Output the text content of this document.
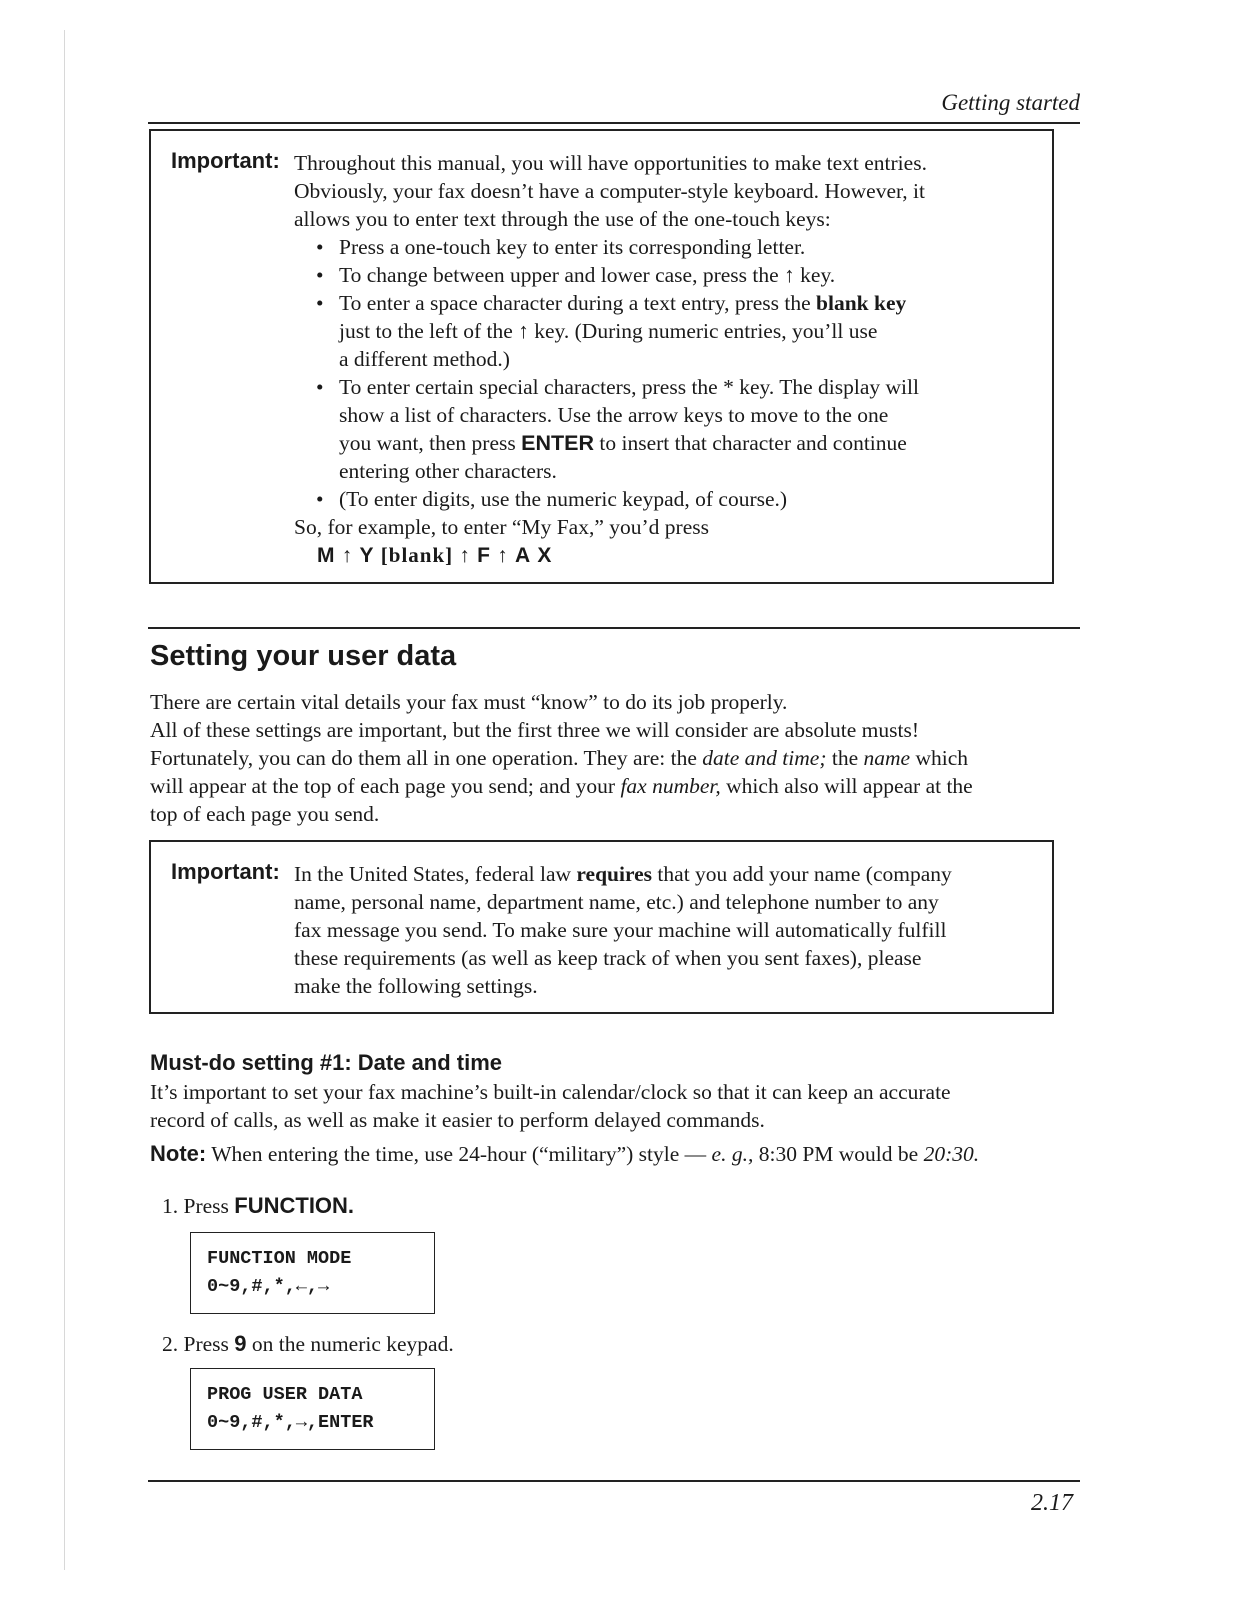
Getting started
Important: Throughout this manual, you will have opportunities to make text entries.
Obviously, your fax doesn’t have a computer-style keyboard. However, it
allows you to enter text through the use of the one-touch keys:
• Press a one-touch key to enter its corresponding letter.
• To change between upper and lower case, press the ↑ key.
• To enter a space character during a text entry, press the blank key
just to the left of the ↑ key. (During numeric entries, you’ll use
a different method.)
• To enter certain special characters, press the * key. The display will
show a list of characters. Use the arrow keys to move to the one
you want, then press ENTER to insert that character and continue
entering other characters.
• (To enter digits, use the numeric keypad, of course.)
So, for example, to enter “My Fax,” you’d press
M ↑ Y [blank] ↑ F ↑ A X
Setting your user data
There are certain vital details your fax must “know” to do its job properly.
All of these settings are important, but the first three we will consider are absolute musts!
Fortunately, you can do them all in one operation. They are: the date and time; the name which
will appear at the top of each page you send; and your fax number, which also will appear at the
top of each page you send.
Important: In the United States, federal law requires that you add your name (company
name, personal name, department name, etc.) and telephone number to any
fax message you send. To make sure your machine will automatically fulfill
these requirements (as well as keep track of when you sent faxes), please
make the following settings.
Must-do setting #1: Date and time
It’s important to set your fax machine’s built-in calendar/clock so that it can keep an accurate
record of calls, as well as make it easier to perform delayed commands.
Note: When entering the time, use 24-hour (“military”) style — e. g., 8:30 PM would be 20:30.
1. Press FUNCTION.
FUNCTION MODE
0~9,#,*,←,→
2. Press 9 on the numeric keypad.
PROG USER DATA
0~9,#,*,→,ENTER
2.17
